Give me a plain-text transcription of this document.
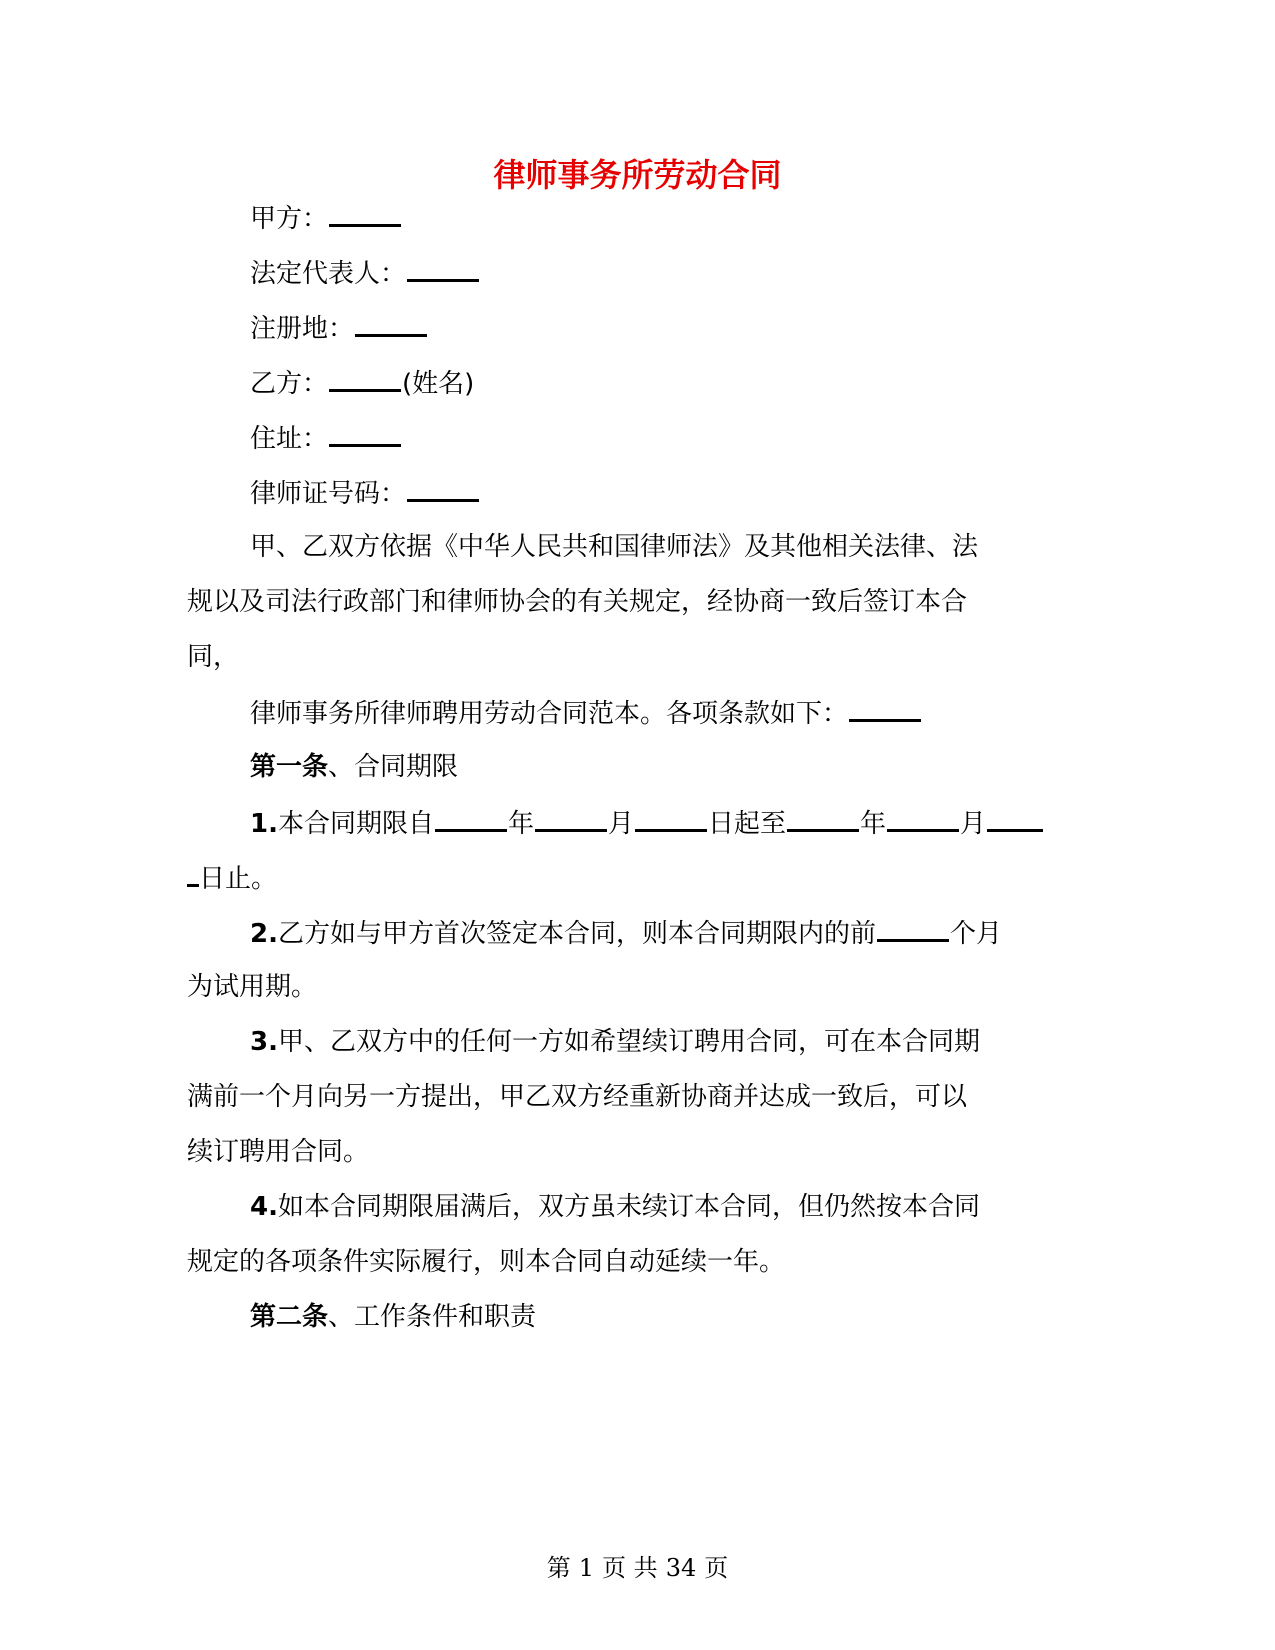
律师事务所劳动合同
甲方：
法定代表人：
注册地：
乙方：	(姓名)
住址：
律师证号码：
甲、乙双方依据《中华人民共和国律师法》及其他相关法律、法
规以及司法行政部门和律师协会的有关规定，经协商一致后签订本合
同，
律师事务所律师聘用劳动合同范本。各项条款如下：
第一条、合同期限
1.本合同期限自	年	月	日起至	年	月
日止。
2.乙方如与甲方首次签定本合同，则本合同期限内的前	个月
为试用期。
3.甲、乙双方中的任何一方如希望续订聘用合同，可在本合同期
满前一个月向另一方提出，甲乙双方经重新协商并达成一致后，可以
续订聘用合同。
4.如本合同期限届满后，双方虽未续订本合同，但仍然按本合同
规定的各项条件实际履行，则本合同自动延续一年。
第二条、工作条件和职责
第 1 页 共 34 页
